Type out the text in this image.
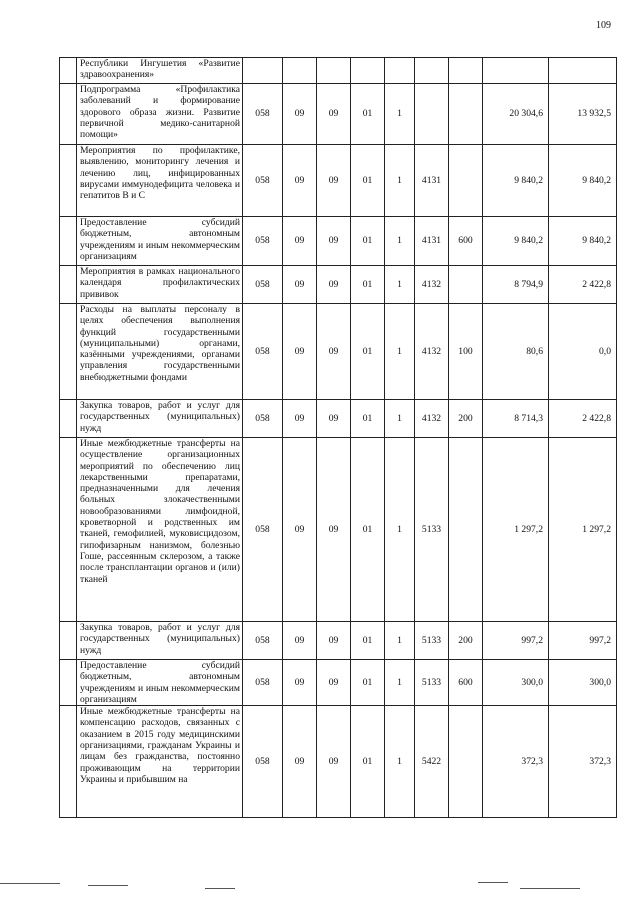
109
	Республики Ингушетия «Развитие здравоохранения»									
	Подпрограмма «Профилактика заболеваний и формирование здорового образа жизни. Развитие первичной медико-санитарной помощи»	058	09	09	01	1			20 304,6	13 932,5
	Мероприятия по профилактике, выявлению, мониторингу лечения и лечению лиц, инфицированных вирусами иммунодефицита человека и гепатитов В и С	058	09	09	01	1	4131		9 840,2	9 840,2
	Предоставление субсидий бюджетным, автономным учреждениям и иным некоммерческим организациям	058	09	09	01	1	4131	600	9 840,2	9 840,2
	Мероприятия в рамках национального календаря профилактических прививок	058	09	09	01	1	4132		8 794,9	2 422,8
	Расходы на выплаты персоналу в целях обеспечения выполнения функций государственными (муниципальными) органами, казёнными учреждениями, органами управления государственными внебюджетными фондами	058	09	09	01	1	4132	100	80,6	0,0
	Закупка товаров, работ и услуг для государственных (муниципальных) нужд	058	09	09	01	1	4132	200	8 714,3	2 422,8
	Иные межбюджетные трансферты на осуществление организационных мероприятий по обеспечению лиц лекарственными препаратами, предназначенными для лечения больных злокачественными новообразованиями лимфоидной, кроветворной и родственных им тканей, гемофилией, муковисцидозом, гипофизарным нанизмом, болезнью Гоше, рассеянным склерозом, а также после трансплантации органов и (или) тканей	058	09	09	01	1	5133		1 297,2	1 297,2
	Закупка товаров, работ и услуг для государственных (муниципальных) нужд	058	09	09	01	1	5133	200	997,2	997,2
	Предоставление субсидий бюджетным, автономным учреждениям и иным некоммерческим организациям	058	09	09	01	1	5133	600	300,0	300,0
	Иные межбюджетные трансферты на компенсацию расходов, связанных с оказанием в 2015 году медицинскими организациями, гражданам Украины и лицам без гражданства, постоянно проживающим на территории Украины и прибывшим на	058	09	09	01	1	5422		372,3	372,3
